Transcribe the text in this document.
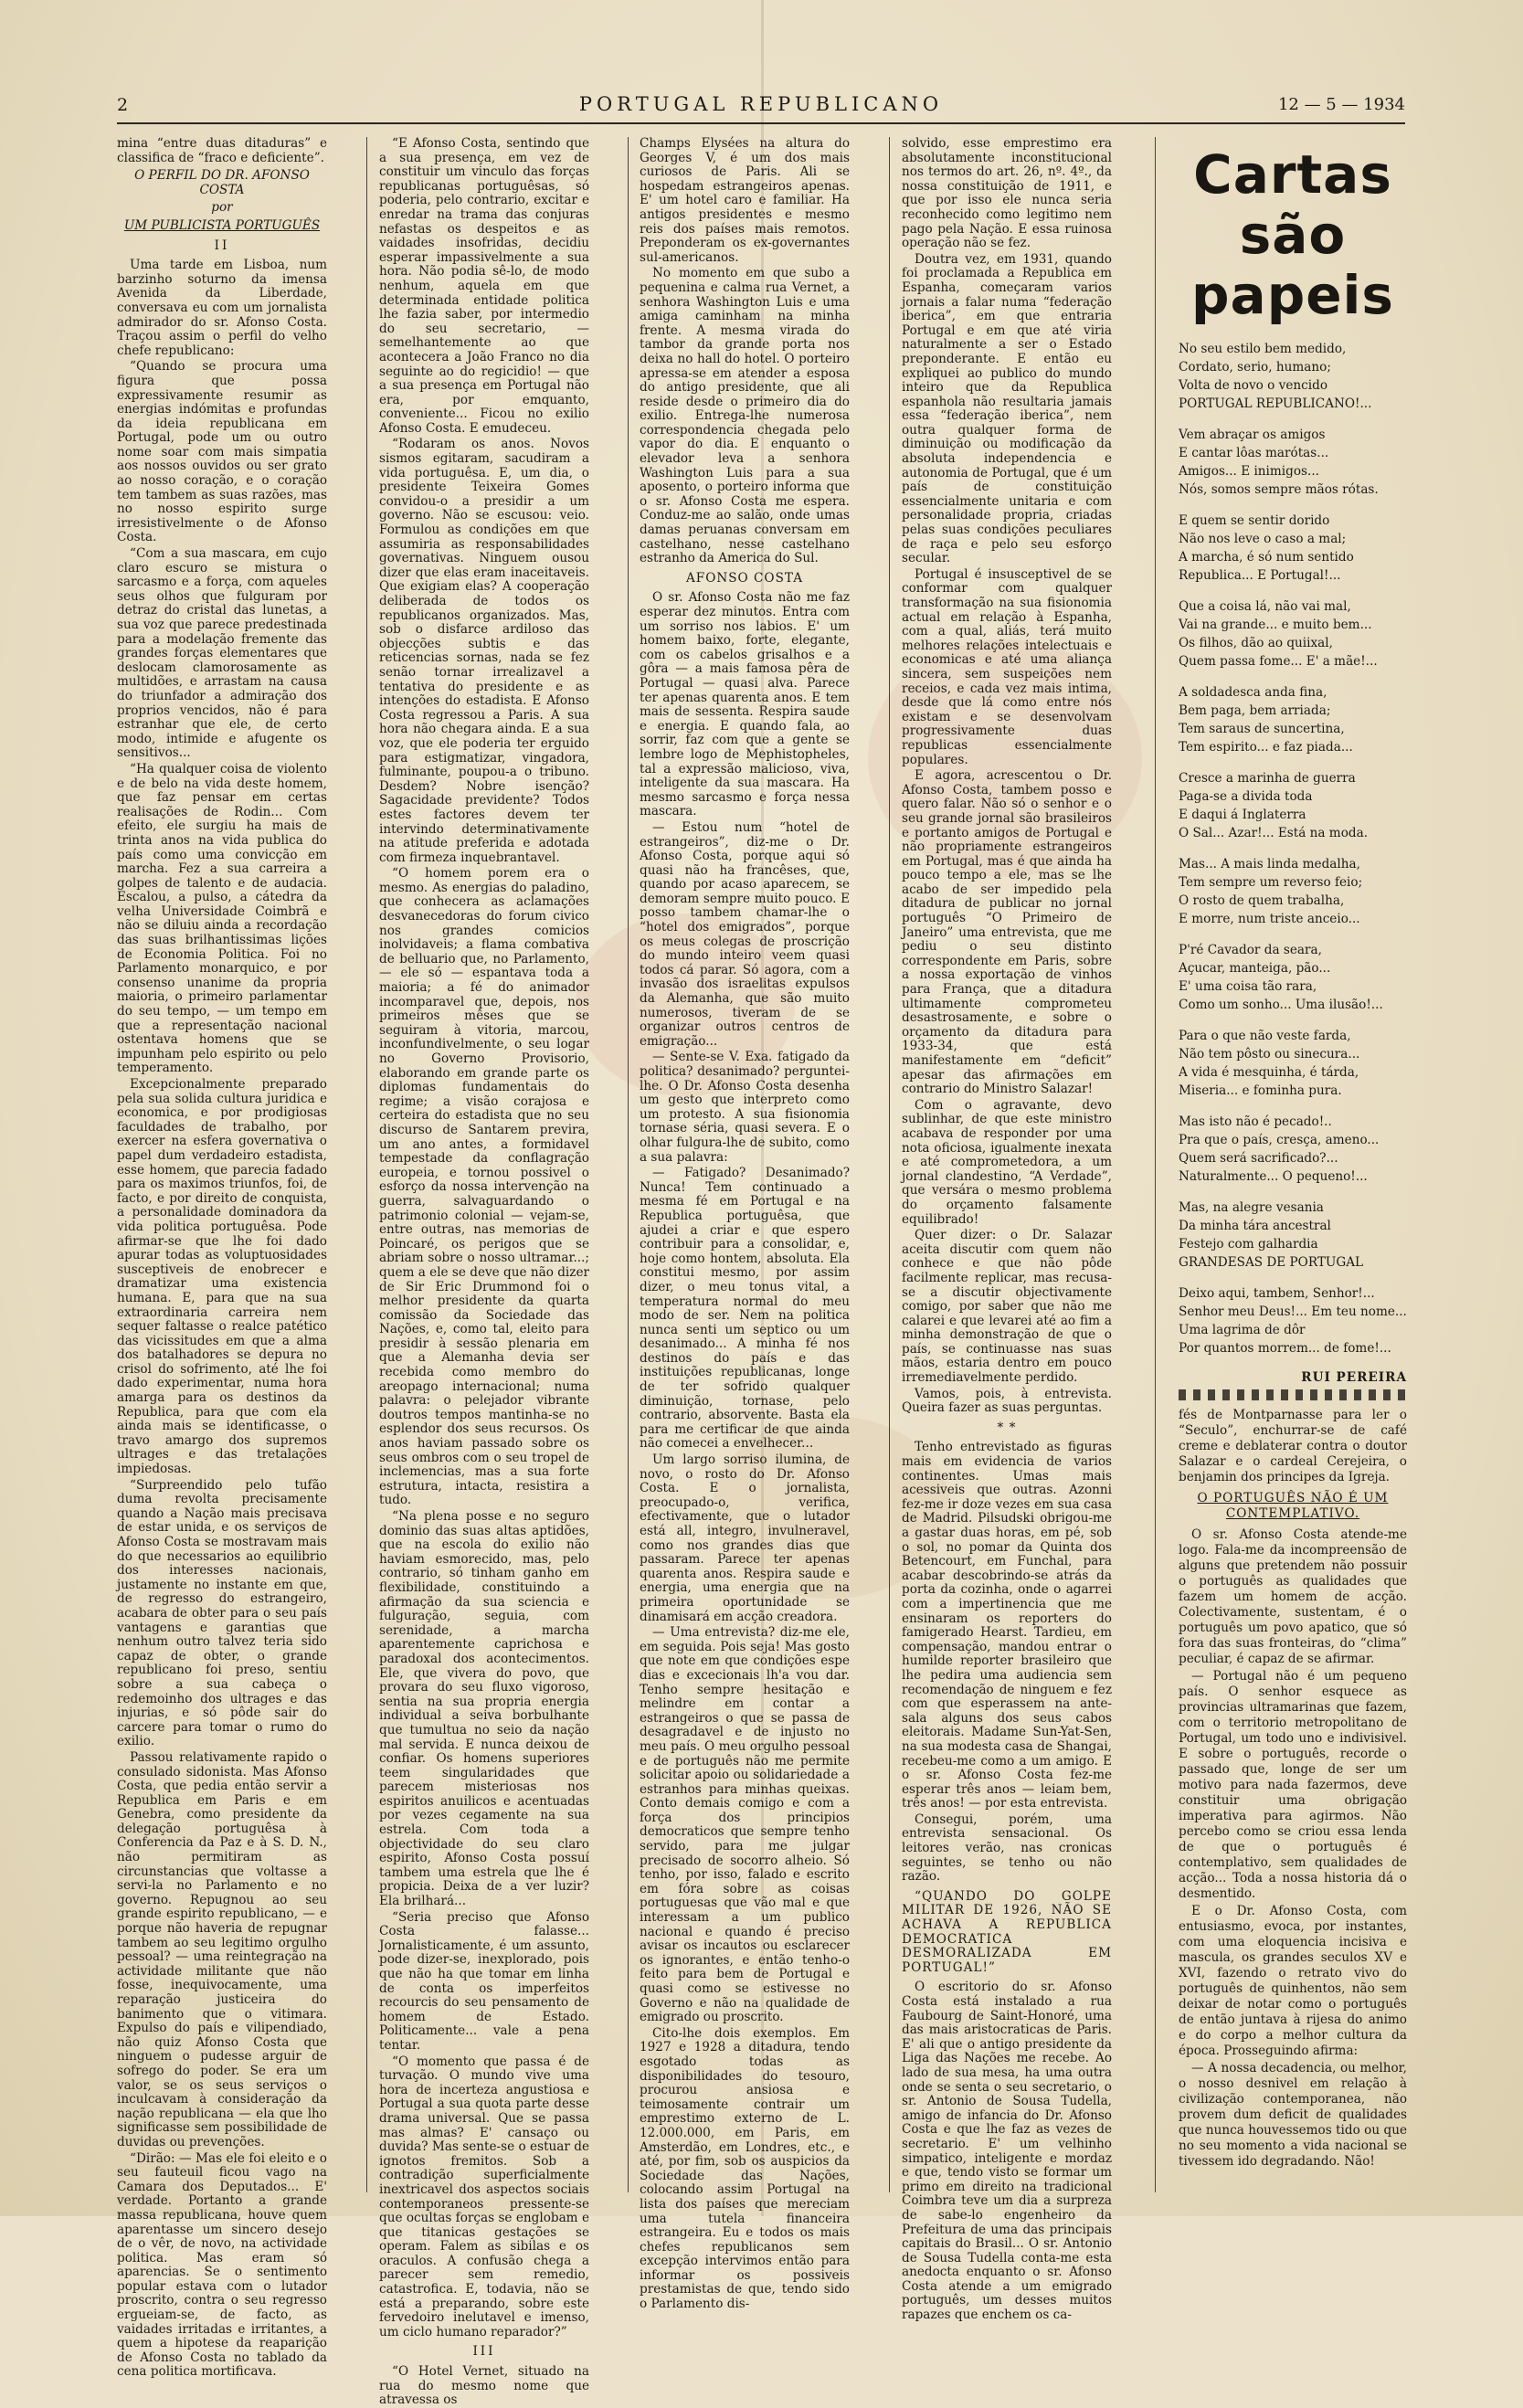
2	PORTUGAL REPUBLICANO	12 — 5 — 1934

mina “entre duas ditaduras” e classifica de “fraco e deficiente”.

O PERFIL DO DR. AFONSO COSTA

por

UM PUBLICISTA PORTUGUÊS

II

Uma tarde em Lisboa, num barzinho soturno da imensa Avenida da Liberdade, conversava eu com um jornalista admirador do sr. Afonso Costa. Traçou assim o perfil do velho chefe republicano:

“Quando se procura uma figura que possa expressivamente resumir as energias indómitas e profundas da ideia republicana em Portugal, pode um ou outro nome soar com mais simpatia aos nossos ouvidos ou ser grato ao nosso coração, e o coração tem tambem as suas razões, mas no nosso espirito surge irresistivelmente o de Afonso Costa.

“Com a sua mascara, em cujo claro escuro se mistura o sarcasmo e a força, com aqueles seus olhos que fulguram por detraz do cristal das lunetas, a sua voz que parece predestinada para a modelação fremente das grandes forças elementares que deslocam clamorosamente as multidões, e arrastam na causa do triunfador a admiração dos proprios vencidos, não é para estranhar que ele, de certo modo, intimide e afugente os sensitivos...

“Ha qualquer coisa de violento e de belo na vida deste homem, que faz pensar em certas realisações de Rodin... Com efeito, ele surgiu ha mais de trinta anos na vida publica do país como uma convicção em marcha. Fez a sua carreira a golpes de talento e de audacia. Escalou, a pulso, a cátedra da velha Universidade Coimbrã e não se diluiu ainda a recordação das suas brilhantissimas lições de Economia Politica. Foi no Parlamento monarquico, e por consenso unanime da propria maioria, o primeiro parlamentar do seu tempo, — um tempo em que a representação nacional ostentava homens que se impunham pelo espirito ou pelo temperamento.

Excepcionalmente preparado pela sua solida cultura juridica e economica, e por prodigiosas faculdades de trabalho, por exercer na esfera governativa o papel dum verdadeiro estadista, esse homem, que parecia fadado para os maximos triunfos, foi, de facto, e por direito de conquista, a personalidade dominadora da vida politica portuguêsa. Pode afirmar-se que lhe foi dado apurar todas as voluptuosidades susceptiveis de enobrecer e dramatizar uma existencia humana. E, para que na sua extraordinaria carreira nem sequer faltasse o realce patético das vicissitudes em que a alma dos batalhadores se depura no crisol do sofrimento, até lhe foi dado experimentar, numa hora amarga para os destinos da Republica, para que com ela ainda mais se identificasse, o travo amargo dos supremos ultrages e das tretalações impiedosas.

“Surpreendido pelo tufão duma revolta precisamente quando a Nação mais precisava de estar unida, e os serviços de Afonso Costa se mostravam mais do que necessarios ao equilibrio dos interesses nacionais, justamente no instante em que, de regresso do estrangeiro, acabara de obter para o seu país vantagens e garantias que nenhum outro talvez teria sido capaz de obter, o grande republicano foi preso, sentiu sobre a sua cabeça o redemoinho dos ultrages e das injurias, e só pôde sair do carcere para tomar o rumo do exilio.

Passou relativamente rapido o consulado sidonista. Mas Afonso Costa, que pedia então servir a Republica em Paris e em Genebra, como presidente da delegação portuguêsa à Conferencia da Paz e à S. D. N., não permitiram as circunstancias que voltasse a servi-la no Parlamento e no governo. Repugnou ao seu grande espirito republicano, — e porque não haveria de repugnar tambem ao seu legitimo orgulho pessoal? — uma reintegração na actividade militante que não fosse, inequivocamente, uma reparação justiceira do banimento que o vitimara. Expulso do país e vilipendiado, não quiz Afonso Costa que ninguem o pudesse arguir de sofrego do poder. Se era um valor, se os seus serviços o inculcavam à consideração da nação republicana — ela que lho significasse sem possibilidade de duvidas ou prevenções.

“Dirão: — Mas ele foi eleito e o seu fauteuil ficou vago na Camara dos Deputados... E' verdade. Portanto a grande massa republicana, houve quem aparentasse um sincero desejo de o vêr, de novo, na actividade politica. Mas eram só aparencias. Se o sentimento popular estava com o lutador proscrito, contra o seu regresso ergueiam-se, de facto, as vaidades irritadas e irritantes, a quem a hipotese da reaparição de Afonso Costa no tablado da cena politica mortificava.

“E Afonso Costa, sentindo que a sua presença, em vez de constituir um vinculo das forças republicanas portuguêsas, só poderia, pelo contrario, excitar e enredar na trama das conjuras nefastas os despeitos e as vaidades insofridas, decidiu esperar impassivelmente a sua hora. Não podia sê-lo, de modo nenhum, aquela em que determinada entidade politica lhe fazia saber, por intermedio do seu secretario, — semelhantemente ao que acontecera a João Franco no dia seguinte ao do regicidio! — que a sua presença em Portugal não era, por emquanto, conveniente... Ficou no exilio Afonso Costa. E emudeceu.

“Rodaram os anos. Novos sismos egitaram, sacudiram a vida portuguêsa. E, um dia, o presidente Teixeira Gomes convidou-o a presidir a um governo. Não se escusou: veio. Formulou as condições em que assumiria as responsabilidades governativas. Ninguem ousou dizer que elas eram inaceitaveis. Que exigiam elas? A cooperação deliberada de todos os republicanos organizados. Mas, sob o disfarce ardiloso das objecções subtis e das reticencias sornas, nada se fez senão tornar irrealizavel a tentativa do presidente e as intenções do estadista. E Afonso Costa regressou a Paris. A sua hora não chegara ainda. E a sua voz, que ele poderia ter erguido para estigmatizar, vingadora, fulminante, poupou-a o tribuno. Desdem? Nobre isenção? Sagacidade previdente? Todos estes factores devem ter intervindo determinativamente na atitude preferida e adotada com firmeza inquebrantavel.

“O homem porem era o mesmo. As energias do paladino, que conhecera as aclamações desvanecedoras do forum civico nos grandes comicios inolvidaveis; a flama combativa de belluario que, no Parlamento, — ele só — espantava toda a maioria; a fé do animador incomparavel que, depois, nos primeiros mêses que se seguiram à vitoria, marcou, inconfundivelmente, o seu logar no Governo Provisorio, elaborando em grande parte os diplomas fundamentais do regime; a visão corajosa e certeira do estadista que no seu discurso de Santarem previra, um ano antes, a formidavel tempestade da conflagração europeia, e tornou possivel o esforço da nossa intervenção na guerra, salvaguardando o patrimonio colonial — vejam-se, entre outras, nas memorias de Poincaré, os perigos que se abriam sobre o nosso ultramar...; quem a ele se deve que não dizer de Sir Eric Drummond foi o melhor presidente da quarta comissão da Sociedade das Nações, e, como tal, eleito para presidir à sessão plenaria em que a Alemanha devia ser recebida como membro do areopago internacional; numa palavra: o pelejador vibrante doutros tempos mantinha-se no esplendor dos seus recursos. Os anos haviam passado sobre os seus ombros com o seu tropel de inclemencias, mas a sua forte estrutura, intacta, resistira a tudo.

“Na plena posse e no seguro dominio das suas altas aptidões, que na escola do exilio não haviam esmorecido, mas, pelo contrario, só tinham ganho em flexibilidade, constituindo a afirmação da sua sciencia e fulguração, seguia, com serenidade, a marcha aparentemente caprichosa e paradoxal dos acontecimentos. Ele, que vivera do povo, que provara do seu fluxo vigoroso, sentia na sua propria energia individual a seiva borbulhante que tumultua no seio da nação mal servida. E nunca deixou de confiar. Os homens superiores teem singularidades que parecem misteriosas nos espiritos anuilicos e acentuadas por vezes cegamente na sua estrela. Com toda a objectividade do seu claro espirito, Afonso Costa possuí tambem uma estrela que lhe é propicia. Deixa de a ver luzir? Ela brilhará...

“Seria preciso que Afonso Costa falasse... Jornalisticamente, é um assunto, pode dizer-se, inexplorado, pois que não ha que tomar em linha de conta os imperfeitos recourcis do seu pensamento de homem de Estado. Politicamente... vale a pena tentar.

“O momento que passa é de turvação. O mundo vive uma hora de incerteza angustiosa e Portugal a sua quota parte desse drama universal. Que se passa mas almas? E' cansaço ou duvida? Mas sente-se o estuar de ignotos fremitos. Sob a contradição superficialmente inextricavel dos aspectos sociais contemporaneos pressente-se que ocultas forças se englobam e que titanicas gestações se operam. Falem as sibilas e os oraculos. A confusão chega a parecer sem remedio, catastrofica. E, todavia, não se está a preparando, sobre este fervedoiro inelutavel e imenso, um ciclo humano reparador?”

III

“O Hotel Vernet, situado na rua do mesmo nome que atravessa os

Champs Elysées na altura do Georges V, é um dos mais curiosos de Paris. Ali se hospedam estrangeiros apenas. E' um hotel caro e familiar. Ha antigos presidentes e mesmo reis dos países mais remotos. Preponderam os ex-governantes sul-americanos.

No momento em que subo a pequenina e calma rua Vernet, a senhora Washington Luis e uma amiga caminham na minha frente. A mesma virada do tambor da grande porta nos deixa no hall do hotel. O porteiro apressa-se em atender a esposa do antigo presidente, que ali reside desde o primeiro dia do exilio. Entrega-lhe numerosa correspondencia chegada pelo vapor do dia. E enquanto o elevador leva a senhora Washington Luis para a sua aposento, o porteiro informa que o sr. Afonso Costa me espera. Conduz-me ao salão, onde umas damas peruanas conversam em castelhano, nesse castelhano estranho da America do Sul.

AFONSO COSTA

O sr. Afonso Costa não me faz esperar dez minutos. Entra com um sorriso nos labios. E' um homem baixo, forte, elegante, com os cabelos grisalhos e a gôra — a mais famosa pêra de Portugal — quasi alva. Parece ter apenas quarenta anos. E tem mais de sessenta. Respira saude e energia. E quando fala, ao sorrir, faz com que a gente se lembre logo de Mephistopheles, tal a expressão malicioso, viva, inteligente da sua mascara. Ha mesmo sarcasmo e força nessa mascara.

— Estou num “hotel de estrangeiros”, diz-me o Dr. Afonso Costa, porque aqui só quasi não ha francêses, que, quando por acaso aparecem, se demoram sempre muito pouco. E posso tambem chamar-lhe o “hotel dos emigrados”, porque os meus colegas de proscrição do mundo inteiro veem quasi todos cá parar. Só agora, com a invasão dos israelitas expulsos da Alemanha, que são muito numerosos, tiveram de se organizar outros centros de emigração...

— Sente-se V. Exa. fatigado da politica? desanimado? perguntei-lhe. O Dr. Afonso Costa desenha um gesto que interpreto como um protesto. A sua fisionomia tornase séria, quasi severa. E o olhar fulgura-lhe de subito, como a sua palavra:

— Fatigado? Desanimado? Nunca! Tem continuado a mesma fé em Portugal e na Republica portuguêsa, que ajudei a criar e que espero contribuir para a consolidar, e, hoje como hontem, absoluta. Ela constitui mesmo, por assim dizer, o meu tonus vital, a temperatura normal do meu modo de ser. Nem na politica nunca senti um septico ou um desanimado... A minha fé nos destinos do país e das instituições republicanas, longe de ter sofrido qualquer diminuição, tornase, pelo contrario, absorvente. Basta ela para me certificar de que ainda não comecei a envelhecer...

Um largo sorriso ilumina, de novo, o rosto do Dr. Afonso Costa. E o jornalista, preocupado-o, verifica, efectivamente, que o lutador está all, integro, invulneravel, como nos grandes dias que passaram. Parece ter apenas quarenta anos. Respira saude e energia, uma energia que na primeira oportunidade se dinamisará em acção creadora.

— Uma entrevista? diz-me ele, em seguida. Pois seja! Mas gosto que note em que condições espe dias e excecionais lh'a vou dar. Tenho sempre hesitação e melindre em contar a estrangeiros o que se passa de desagradavel e de injusto no meu país. O meu orgulho pessoal e de português não me permite solicitar apoio ou solidariedade a estranhos para minhas queixas. Conto demais comigo e com a força dos principios democraticos que sempre tenho servido, para me julgar precisado de socorro alheio. Só tenho, por isso, falado e escrito em fóra sobre as coisas portuguesas que vão mal e que interessam a um publico nacional e quando é preciso avisar os incautos ou esclarecer os ignorantes, e então tenho-o feito para bem de Portugal e quasi como se estivesse no Governo e não na qualidade de emigrado ou proscrito.

Cito-lhe dois exemplos. Em 1927 e 1928 a ditadura, tendo esgotado todas as disponibilidades do tesouro, procurou ansiosa e teimosamente contrair um emprestimo externo de L. 12.000.000, em Paris, em Amsterdão, em Londres, etc., e até, por fim, sob os auspicios da Sociedade das Nações, colocando assim Portugal na lista dos países que mereciam uma tutela financeira estrangeira. Eu e todos os mais chefes republicanos sem excepção intervimos então para informar os possiveis prestamistas de que, tendo sido o Parlamento dis-

solvido, esse emprestimo era absolutamente inconstitucional nos termos do art. 26, nº. 4º., da nossa constituição de 1911, e que por isso ele nunca seria reconhecido como legitimo nem pago pela Nação. E essa ruinosa operação não se fez.

Doutra vez, em 1931, quando foi proclamada a Republica em Espanha, começaram varios jornais a falar numa “federação iberica”, em que entraria Portugal e em que até viria naturalmente a ser o Estado preponderante. E então eu expliquei ao publico do mundo inteiro que da Republica espanhola não resultaria jamais essa “federação iberica”, nem outra qualquer forma de diminuição ou modificação da absoluta independencia e autonomia de Portugal, que é um país de constituição essencialmente unitaria e com personalidade propria, criadas pelas suas condições peculiares de raça e pelo seu esforço secular.

Portugal é insusceptivel de se conformar com qualquer transformação na sua fisionomia actual em relação à Espanha, com a qual, aliás, terá muito melhores relações intelectuais e economicas e até uma aliança sincera, sem suspeições nem receios, e cada vez mais intima, desde que lá como entre nós existam e se desenvolvam progressivamente duas republicas essencialmente populares.

E agora, acrescentou o Dr. Afonso Costa, tambem posso e quero falar. Não só o senhor e o seu grande jornal são brasileiros e portanto amigos de Portugal e não propriamente estrangeiros em Portugal, mas é que ainda ha pouco tempo a ele, mas se lhe acabo de ser impedido pela ditadura de publicar no jornal português “O Primeiro de Janeiro” uma entrevista, que me pediu o seu distinto correspondente em Paris, sobre a nossa exportação de vinhos para França, que a ditadura ultimamente comprometeu desastrosamente, e sobre o orçamento da ditadura para 1933-34, que está manifestamente em “deficit” apesar das afirmações em contrario do Ministro Salazar!

Com o agravante, devo sublinhar, de que este ministro acabava de responder por uma nota oficiosa, igualmente inexata e até comprometedora, a um jornal clandestino, “A Verdade”, que versára o mesmo problema do orçamento falsamente equilibrado!

Quer dizer: o Dr. Salazar aceita discutir com quem não conhece e que não pôde facilmente replicar, mas recusa-se a discutir objectivamente comigo, por saber que não me calarei e que levarei até ao fim a minha demonstração de que o país, se continuasse nas suas mãos, estaria dentro em pouco irremediavelmente perdido.

Vamos, pois, à entrevista. Queira fazer as suas perguntas.

* *

Tenho entrevistado as figuras mais em evidencia de varios continentes. Umas mais acessiveis que outras. Azonni fez-me ir doze vezes em sua casa de Madrid. Pilsudski obrigou-me a gastar duas horas, em pé, sob o sol, no pomar da Quinta dos Betencourt, em Funchal, para acabar descobrindo-se atrás da porta da cozinha, onde o agarrei com a impertinencia que me ensinaram os reporters do famigerado Hearst. Tardieu, em compensação, mandou entrar o humilde reporter brasileiro que lhe pedira uma audiencia sem recomendação de ninguem e fez com que esperassem na ante-sala alguns dos seus cabos eleitorais. Madame Sun-Yat-Sen, na sua modesta casa de Shangai, recebeu-me como a um amigo. E o sr. Afonso Costa fez-me esperar três anos — leiam bem, três anos! — por esta entrevista.

Consegui, porém, uma entrevista sensacional. Os leitores verão, nas cronicas seguintes, se tenho ou não razão.

“QUANDO DO GOLPE MILITAR DE 1926, NÃO SE ACHAVA A REPUBLICA DEMOCRATICA DESMORALIZADA EM PORTUGAL!”

O escritorio do sr. Afonso Costa está instalado a rua Faubourg de Saint-Honoré, uma das mais aristocraticas de Paris. E' ali que o antigo presidente da Liga das Nações me recebe. Ao lado de sua mesa, ha uma outra onde se senta o seu secretario, o sr. Antonio de Sousa Tudella, amigo de infancia do Dr. Afonso Costa e que lhe faz as vezes de secretario. E' um velhinho simpatico, inteligente e mordaz e que, tendo visto se formar um primo em direito na tradicional Coimbra teve um dia a surpreza de sabe-lo engenheiro da Prefeitura de uma das principais capitais do Brasil... O sr. Antonio de Sousa Tudella conta-me esta anedocta enquanto o sr. Afonso Costa atende a um emigrado português, um desses muitos rapazes que enchem os ca-

Cartas são papeis
No seu estilo bem medido,
Cordato, serio, humano;
Volta de novo o vencido
PORTUGAL REPUBLICANO!...
Vem abraçar os amigos
E cantar lôas marótas...
Amigos... E inimigos...
Nós, somos sempre mãos rótas.
E quem se sentir dorido
Não nos leve o caso a mal;
A marcha, é só num sentido
Republica... E Portugal!...
Que a coisa lá, não vai mal,
Vai na grande... e muito bem...
Os filhos, dão ao quiixal,
Quem passa fome... E' a mãe!...
A soldadesca anda fina,
Bem paga, bem arriada;
Tem saraus de suncertina,
Tem espirito... e faz piada...
Cresce a marinha de guerra
Paga-se a divida toda
E daqui á Inglaterra
O Sal... Azar!... Está na moda.
Mas... A mais linda medalha,
Tem sempre um reverso feio;
O rosto de quem trabalha,
E morre, num triste anceio...
P'ré Cavador da seara,
Açucar, manteiga, pão...
E' uma coisa tão rara,
Como um sonho... Uma ilusão!...
Para o que não veste farda,
Não tem pôsto ou sinecura...
A vida é mesquinha, é tárda,
Miseria... e fominha pura.
Mas isto não é pecado!..
Pra que o país, cresça, ameno...
Quem será sacrificado?...
Naturalmente... O pequeno!...
Mas, na alegre vesania
Da minha tára ancestral
Festejo com galhardia
GRANDESAS DE PORTUGAL
Deixo aqui, tambem, Senhor!...
Senhor meu Deus!... Em teu nome...
Uma lagrima de dôr
Por quantos morrem... de fome!...
RUI PEREIRA

fés de Montparnasse para ler o “Seculo”, enchurrar-se de café creme e deblaterar contra o doutor Salazar e o cardeal Cerejeira, o benjamin dos principes da Igreja.

O PORTUGUÊS NÃO É UM CONTEMPLATIVO.

O sr. Afonso Costa atende-me logo. Fala-me da incompreensão de alguns que pretendem não possuir o português as qualidades que fazem um homem de acção. Colectivamente, sustentam, é o português um povo apatico, que só fora das suas fronteiras, do “clima” peculiar, é capaz de se afirmar.

— Portugal não é um pequeno país. O senhor esquece as provincias ultramarinas que fazem, com o territorio metropolitano de Portugal, um todo uno e indivisivel. E sobre o português, recorde o passado que, longe de ser um motivo para nada fazermos, deve constituir uma obrigação imperativa para agirmos. Não percebo como se criou essa lenda de que o português é contemplativo, sem qualidades de acção... Toda a nossa historia dá o desmentido.

E o Dr. Afonso Costa, com entusiasmo, evoca, por instantes, com uma eloquencia incisiva e mascula, os grandes seculos XV e XVI, fazendo o retrato vivo do português de quinhentos, não sem deixar de notar como o português de então juntava à rijesa do animo e do corpo a melhor cultura da época. Prosseguindo afirma:

— A nossa decadencia, ou melhor, o nosso desnivel em relação à civilização contemporanea, não provem dum deficit de qualidades que nunca houvessemos tido ou que no seu momento a vida nacional se tivessem ido degradando. Não!
